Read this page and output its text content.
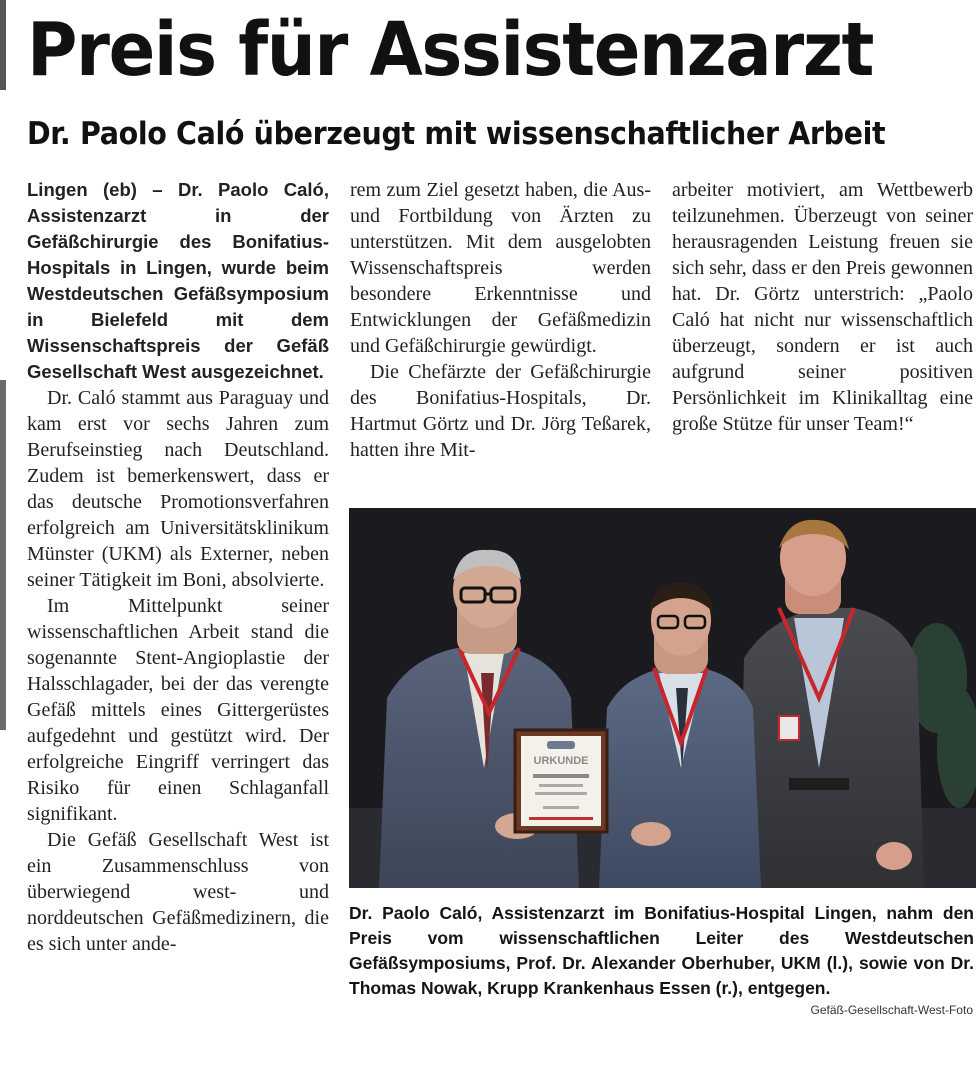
Preis für Assistenzarzt
Dr. Paolo Caló überzeugt mit wissenschaftlicher Arbeit

Lingen (eb) – Dr. Paolo Caló, Assistenzarzt in der Gefäßchirurgie des Bonifatius-Hospitals in Lingen, wurde beim Westdeutschen Gefäßsymposium in Bielefeld mit dem Wissenschaftspreis der Gefäß Gesellschaft West ausgezeichnet.

Dr. Caló stammt aus Paraguay und kam erst vor sechs Jahren zum Berufseinstieg nach Deutschland. Zudem ist bemerkenswert, dass er das deutsche Promotionsverfahren erfolgreich am Universitätsklinikum Münster (UKM) als Externer, neben seiner Tätigkeit im Boni, absolvierte.

Im Mittelpunkt seiner wissenschaftlichen Arbeit stand die sogenannte Stent-Angioplastie der Halsschlagader, bei der das verengte Gefäß mittels eines Gittergerüstes aufgedehnt und gestützt wird. Der erfolgreiche Eingriff verringert das Risiko für einen Schlaganfall signifikant.

Die Gefäß Gesellschaft West ist ein Zusammenschluss von überwiegend west- und norddeutschen Gefäßmedizinern, die es sich unter ande-

rem zum Ziel gesetzt haben, die Aus- und Fortbildung von Ärzten zu unterstützen. Mit dem ausgelobten Wissenschaftspreis werden besondere Erkenntnisse und Entwicklungen der Gefäßmedizin und Gefäßchirurgie gewürdigt.

Die Chefärzte der Gefäßchirurgie des Bonifatius-Hospitals, Dr. Hartmut Görtz und Dr. Jörg Teßarek, hatten ihre Mit-

arbeiter motiviert, am Wettbewerb teilzunehmen. Überzeugt von seiner herausragenden Leistung freuen sie sich sehr, dass er den Preis gewonnen hat. Dr. Görtz unterstrich: „Paolo Caló hat nicht nur wissenschaftlich überzeugt, sondern er ist auch aufgrund seiner positiven Persönlichkeit im Klinikalltag eine große Stütze für unser Team!“

URKUNDE
Dr. Paolo Caló, Assistenzarzt im Bonifatius-Hospital Lingen, nahm den Preis vom wissenschaftlichen Leiter des Westdeutschen Gefäßsymposiums, Prof. Dr. Alexander Oberhuber, UKM (l.), sowie von Dr. Thomas Nowak, Krupp Krankenhaus Essen (r.), entgegen.
Gefäß-Gesellschaft-West-Foto
